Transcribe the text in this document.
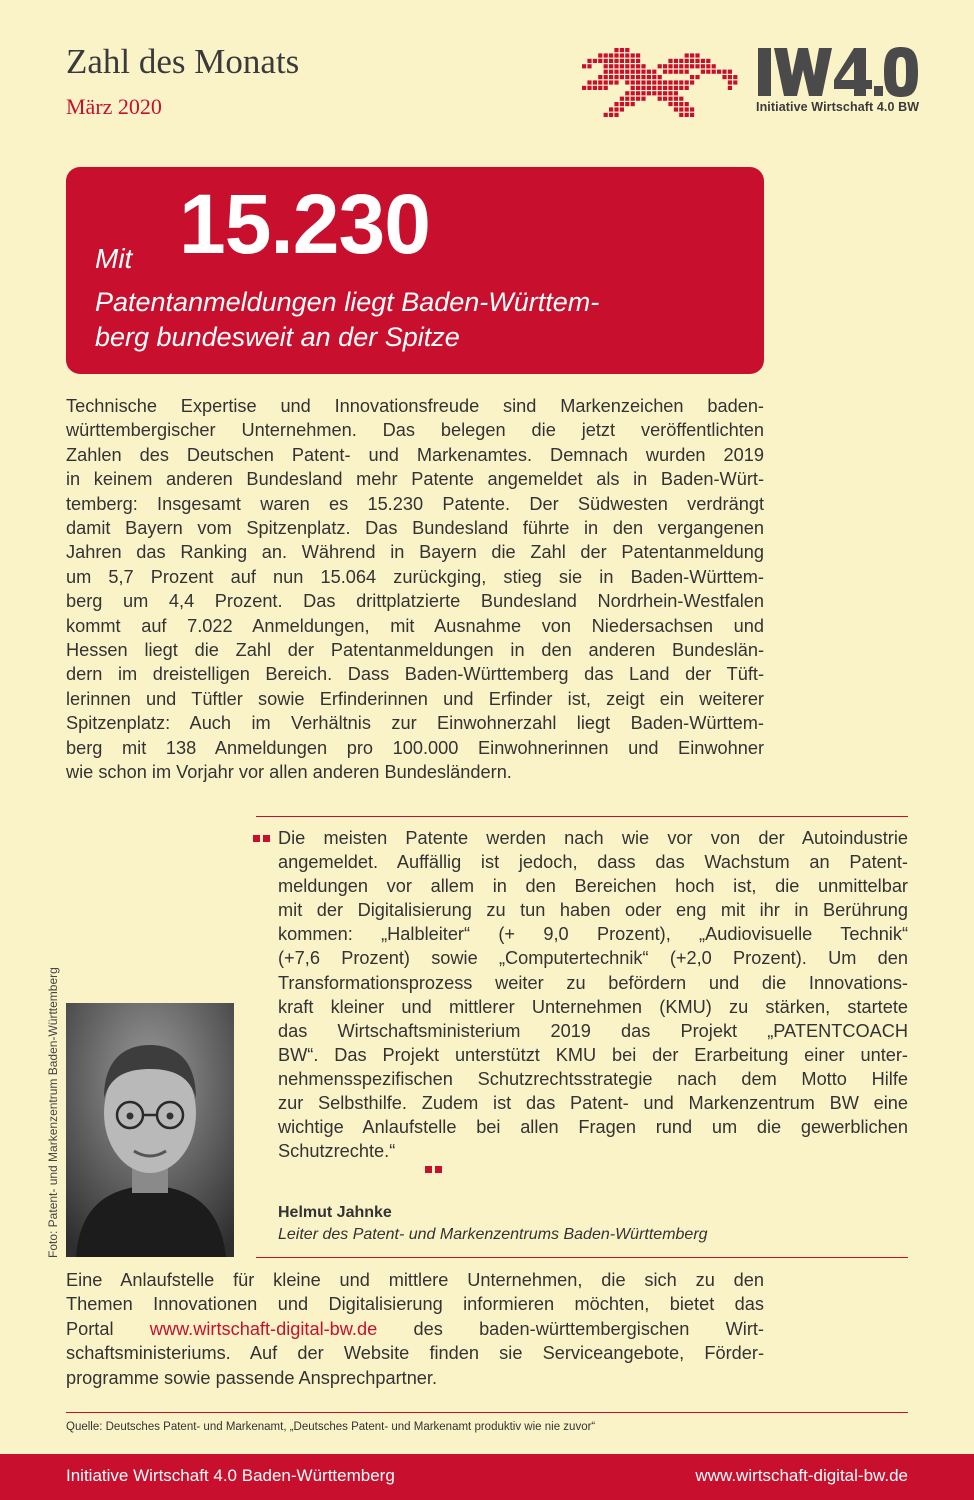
Zahl des Monats
März 2020	Initiative Wirtschaft 4.0 BW
Mit 15.230
Patentanmeldungen liegt Baden-Württem-
berg bundesweit an der Spitze
Technische Expertise und Innovationsfreude sind Markenzeichen baden-
württembergischer Unternehmen. Das belegen die jetzt veröffentlichten
Zahlen des Deutschen Patent- und Markenamtes. Demnach wurden 2019
in keinem anderen Bundesland mehr Patente angemeldet als in Baden-Würt-
temberg: Insgesamt waren es 15.230 Patente. Der Südwesten verdrängt
damit Bayern vom Spitzenplatz. Das Bundesland führte in den vergangenen
Jahren das Ranking an. Während in Bayern die Zahl der Patentanmeldung
um 5,7 Prozent auf nun 15.064 zurückging, stieg sie in Baden-Württem-
berg um 4,4 Prozent. Das drittplatzierte Bundesland Nordrhein-Westfalen
kommt auf 7.022 Anmeldungen, mit Ausnahme von Niedersachsen und
Hessen liegt die Zahl der Patentanmeldungen in den anderen Bundeslän-
dern im dreistelligen Bereich. Dass Baden-Württemberg das Land der Tüft-
lerinnen und Tüftler sowie Erfinderinnen und Erfinder ist, zeigt ein weiterer
Spitzenplatz: Auch im Verhältnis zur Einwohnerzahl liegt Baden-Württem-
berg mit 138 Anmeldungen pro 100.000 Einwohnerinnen und Einwohner
wie schon im Vorjahr vor allen anderen Bundesländern.
Foto: Patent- und Markenzentrum Baden-Württemberg
Die meisten Patente werden nach wie vor von der Autoindustrie
angemeldet. Auffällig ist jedoch, dass das Wachstum an Patent-
meldungen vor allem in den Bereichen hoch ist, die unmittelbar
mit der Digitalisierung zu tun haben oder eng mit ihr in Berührung
kommen: „Halbleiter“ (+ 9,0 Prozent), „Audiovisuelle Technik“
(+7,6 Prozent) sowie „Computertechnik“ (+2,0 Prozent). Um den
Transformationsprozess weiter zu befördern und die Innovations-
kraft kleiner und mittlerer Unternehmen (KMU) zu stärken, startete
das Wirtschaftsministerium 2019 das Projekt „PATENTCOACH
BW“. Das Projekt unterstützt KMU bei der Erarbeitung einer unter-
nehmensspezifischen Schutzrechtsstrategie nach dem Motto Hilfe
zur Selbsthilfe. Zudem ist das Patent- und Markenzentrum BW eine
wichtige Anlaufstelle bei allen Fragen rund um die gewerblichen
Schutzrechte.“
Helmut Jahnke
Leiter des Patent- und Markenzentrums Baden-Württemberg
Eine Anlaufstelle für kleine und mittlere Unternehmen, die sich zu den
Themen Innovationen und Digitalisierung informieren möchten, bietet das
Portal www.wirtschaft-digital-bw.de des baden-württembergischen Wirt-
schaftsministeriums. Auf der Website finden sie Serviceangebote, Förder-
programme sowie passende Ansprechpartner.
Quelle: Deutsches Patent- und Markenamt, „Deutsches Patent- und Markenamt produktiv wie nie zuvor“
Initiative Wirtschaft 4.0 Baden-Württemberg	www.wirtschaft-digital-bw.de
